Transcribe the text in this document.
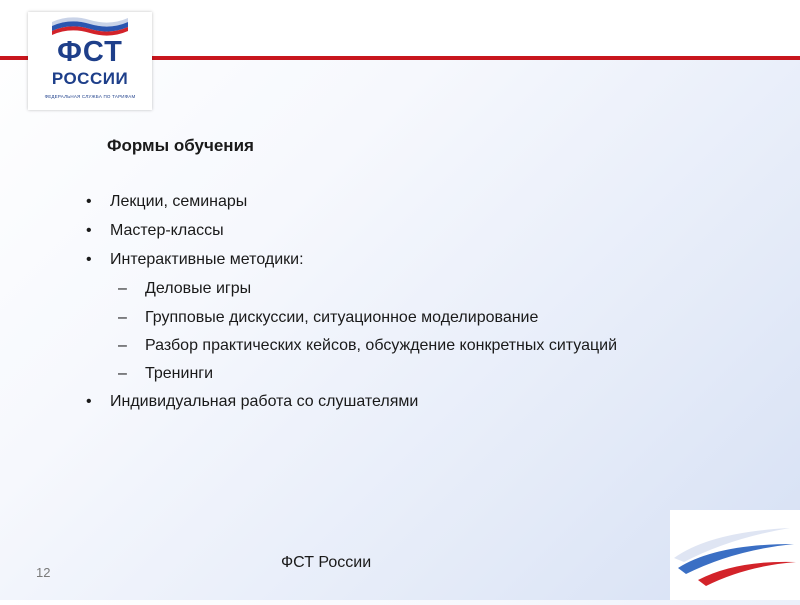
ФСТ
РОССИИ
ФЕДЕРАЛЬНАЯ СЛУЖБА ПО ТАРИФАМ
Формы обучения
• Лекции, семинары
• Мастер-классы
• Интерактивные методики:
– Деловые игры
– Групповые дискуссии, ситуационное моделирование
– Разбор практических кейсов, обсуждение конкретных ситуаций
– Тренинги
• Индивидуальная работа со слушателями
12
ФСТ России
